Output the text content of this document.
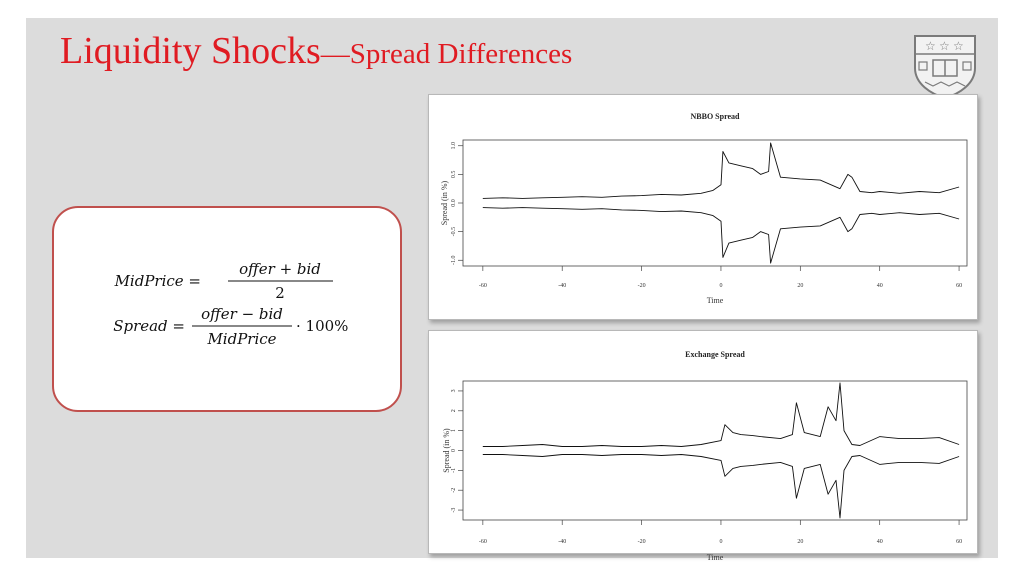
Liquidity Shocks—Spread Differences	☆ ☆ ☆
MidPrice =
offer + bid
2
Spread =
offer − bid
MidPrice
· 100%
NBBO Spread
-60	-40	-20	0	20	40	60
-1.0
-0.5
0.0
0.5
1.0
Time
Spread (in %)
Exchange Spread
-60	-40	-20	0	20	40	60
-3
-2
-1
0
1
2
3
Time
Spread (in %)
